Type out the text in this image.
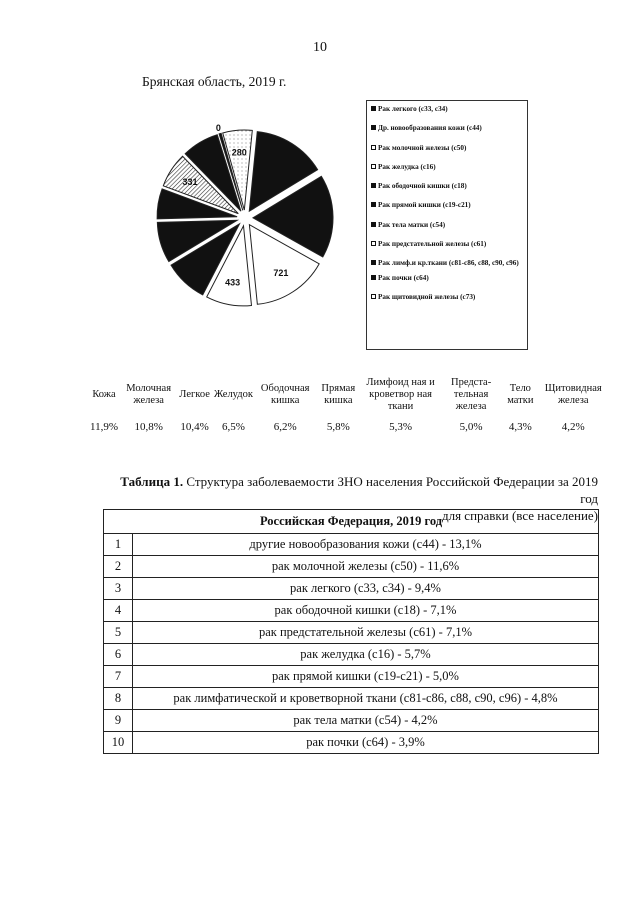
10
Брянская область, 2019 г.
721
433
331
0
280
Рак легкого (с33, с34)
Др. новообразования кожи (с44)
Рак молочной железы (с50)
Рак желудка (с16)
Рак ободочной кишки (с18)
Рак прямой кишки (с19-с21)
Рак тела матки (с54)
Рак предстательной железы (с61)
Рак лимф.и кр.ткани (с81-с86, с88, с90, с96)
Рак почки (с64)
Рак щитовидной железы (с73)
Кожа	Молочная железа	Легкое	Желудок	Ободочная кишка	Прямая кишка	Лимфоид ная и кроветвор ная ткани	Предста- тельная железа	Тело матки	Щитовидная железа
11,9%	10,8%	10,4%	6,5%	6,2%	5,8%	5,3%	5,0%	4,3%	4,2%
Таблица 1. Структура заболеваемости ЗНО населения Российской Федерации за 2019 год
для справки (все население)
Российская Федерация, 2019 год	
1	другие новообразования кожи (с44) - 13,1%
2	рак молочной железы (с50) - 11,6%
3	рак легкого (с33, с34) - 9,4%
4	рак ободочной кишки (с18) - 7,1%
5	рак предстательной железы (с61) - 7,1%
6	рак желудка (с16) - 5,7%
7	рак прямой кишки (с19-с21) - 5,0%
8	рак лимфатической и кроветворной ткани (с81-с86, с88, с90, с96) - 4,8%
9	рак тела матки (с54) - 4,2%
10	рак почки (с64) - 3,9%
